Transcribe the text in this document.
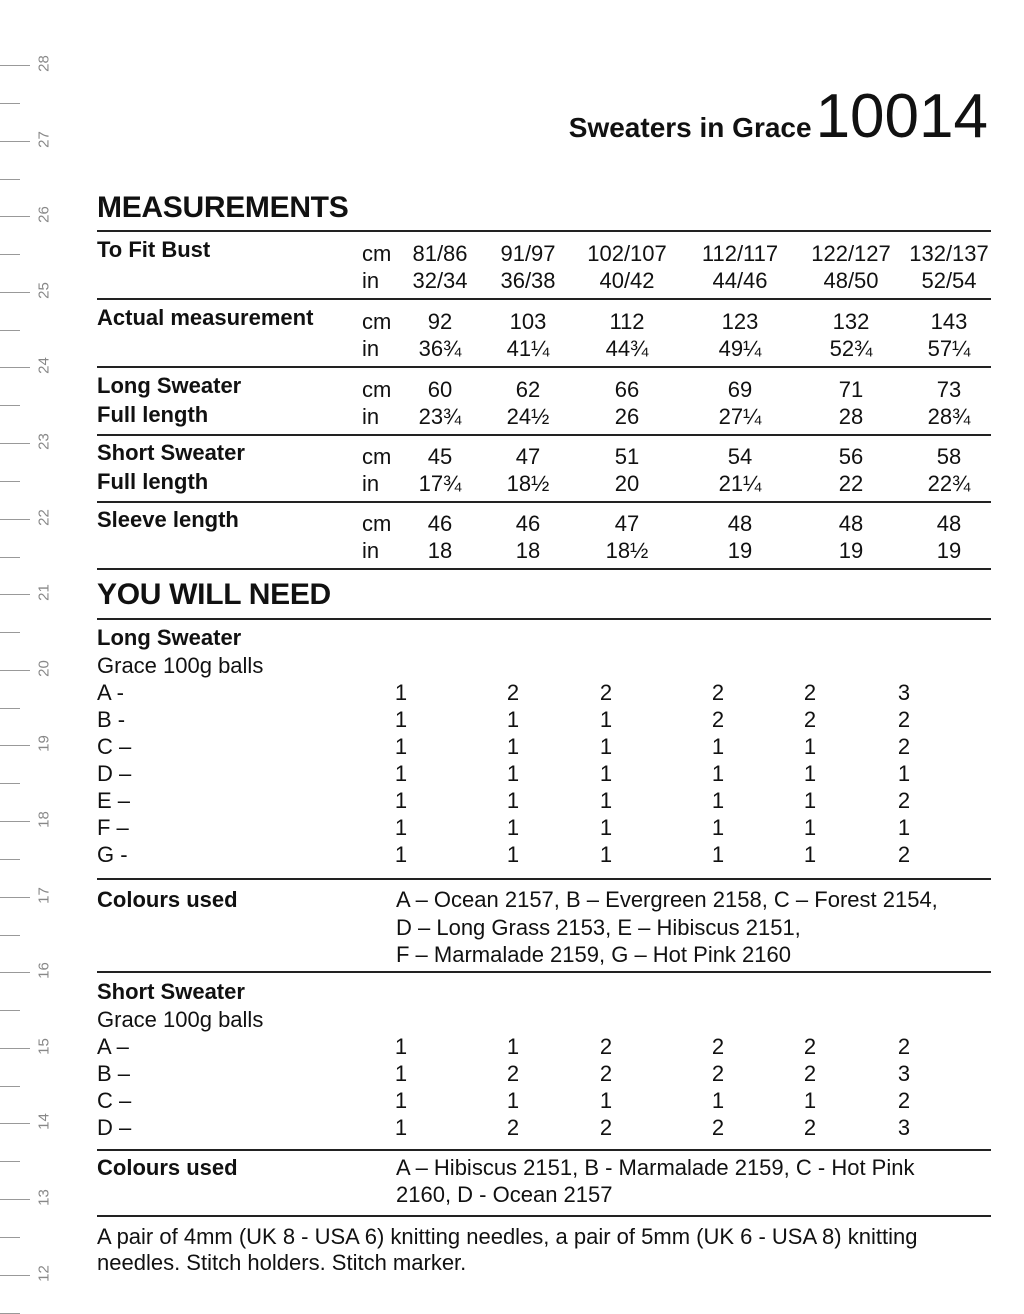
28
27
26
25
24
23
22
21
20
19
18
17
16
15
14
13
12
Sweaters in Grace 10014
MEASUREMENTS
To Fit Bust	cm 81/86 91/97 102/107 112/117 122/127 132/137
in 32/34 36/38 40/42	44/46	48/50 52/54
Actual measurement cm 92	103	112	123	132	143
in 36¾ 41¼	44¾	49¼	52¾	57¼
Long Sweater	cm 60	62	66	69	71	73
Full length	in 23¾ 24½	26	27¼	28	28¾
Short Sweater	cm 45	47	51	54	56	58
Full length	in 17¾ 18½	20	21¼	22	22¾
Sleeve length	cm 46	46	47	48	48	48
in 18	18	18½	19	19	19
YOU WILL NEED
Long Sweater
Grace 100g balls
A -	1	2	2	2	2	3
B -	1	1	1	2	2	2
C –	1	1	1	1	1	2
D –	1	1	1	1	1	1
E –	1	1	1	1	1	2
F –	1	1	1	1	1	1
G -	1	1	1	1	1	2
Colours used	A – Ocean 2157, B – Evergreen 2158, C – Forest 2154,
D – Long Grass 2153, E – Hibiscus 2151,
F – Marmalade 2159, G – Hot Pink 2160
Short Sweater
Grace 100g balls
A –	1	1	2	2	2	2
B –	1	2	2	2	2	3
C –	1	1	1	1	1	2
D –	1	2	2	2	2	3
Colours used	A – Hibiscus 2151, B - Marmalade 2159, C - Hot Pink
2160, D - Ocean 2157
A pair of 4mm (UK 8 - USA 6) knitting needles, a pair of 5mm (UK 6 - USA 8) knitting
needles. Stitch holders. Stitch marker.
